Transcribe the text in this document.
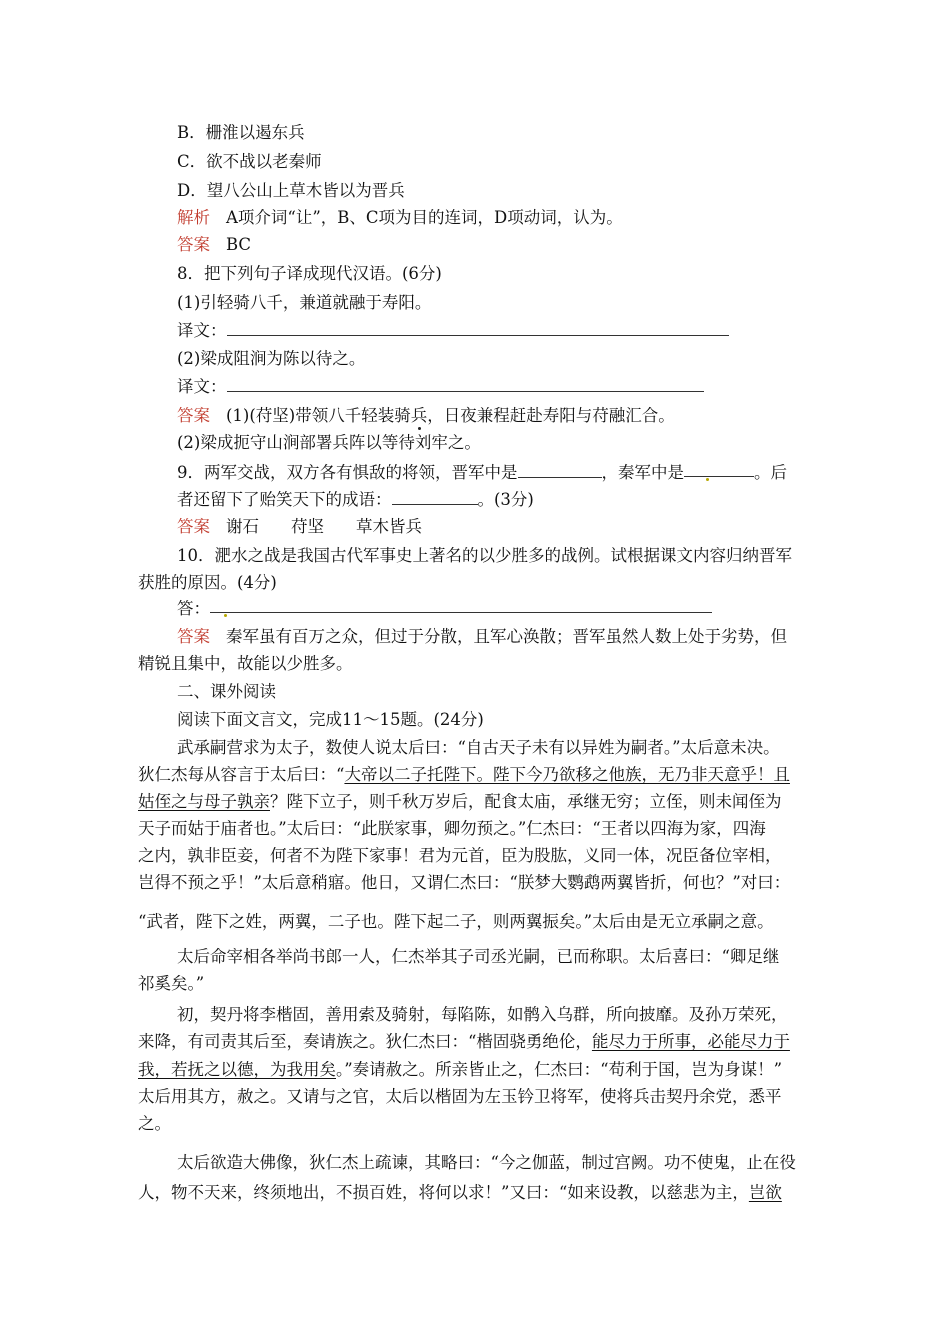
B．栅淮以遏东兵
C．欲不战以老秦师
D．望八公山上草木皆以为晋兵
解析 A项介词“让”，B、C项为目的连词，D项动词，认为。
答案 BC
8．把下列句子译成现代汉语。(6分)
(1)引轻骑八千，兼道就融于寿阳。
译文：
(2)梁成阻涧为陈以待之。
译文：
答案 (1)(苻坚)带领八千轻装骑兵，日夜兼程赶赴寿阳与苻融汇合。
(2)梁成扼守山涧部署兵阵以等待刘牢之。
9．两军交战，双方各有惧敌的将领，晋军中是	，秦军中是	。后
者还留下了贻笑天下的成语：	。(3分)
答案 谢石 苻坚 草木皆兵
10．淝水之战是我国古代军事史上著名的以少胜多的战例。试根据课文内容归纳晋军
获胜的原因。(4分)
答：
答案 秦军虽有百万之众，但过于分散，且军心涣散；晋军虽然人数上处于劣势，但
精锐且集中，故能以少胜多。
二、课外阅读
阅读下面文言文，完成11～15题。(24分)
武承嗣营求为太子，数使人说太后曰：“自古天子未有以异姓为嗣者。”太后意未决。
狄仁杰每从容言于太后曰：“大帝以二子托陛下。陛下今乃欲移之他族，无乃非天意乎！且
姑侄之与母子孰亲？陛下立子，则千秋万岁后，配食太庙，承继无穷；立侄，则未闻侄为
天子而姑于庙者也。”太后曰：“此朕家事，卿勿预之。”仁杰曰：“王者以四海为家，四海
之内，孰非臣妾，何者不为陛下家事！君为元首，臣为股肱，义同一体，况臣备位宰相，
岂得不预之乎！”太后意稍寤。他日，又谓仁杰曰：“朕梦大鹦鹉两翼皆折，何也？”对曰：
“武者，陛下之姓，两翼，二子也。陛下起二子，则两翼振矣。”太后由是无立承嗣之意。
太后命宰相各举尚书郎一人，仁杰举其子司丞光嗣，已而称职。太后喜曰：“卿足继
祁奚矣。”
初，契丹将李楷固，善用索及骑射，每陷陈，如鹘入乌群，所向披靡。及孙万荣死，
来降，有司责其后至，奏请族之。狄仁杰曰：“楷固骁勇绝伦，能尽力于所事，必能尽力于
我，若抚之以德，为我用矣。”奏请赦之。所亲皆止之，仁杰曰：“苟利于国，岂为身谋！”
太后用其方，赦之。又请与之官，太后以楷固为左玉钤卫将军，使将兵击契丹余党，悉平
之。
太后欲造大佛像，狄仁杰上疏谏，其略曰：“今之伽蓝，制过宫阙。功不使鬼，止在役
人，物不天来，终须地出，不损百姓，将何以求！”又曰：“如来设教，以慈悲为主，岂欲
